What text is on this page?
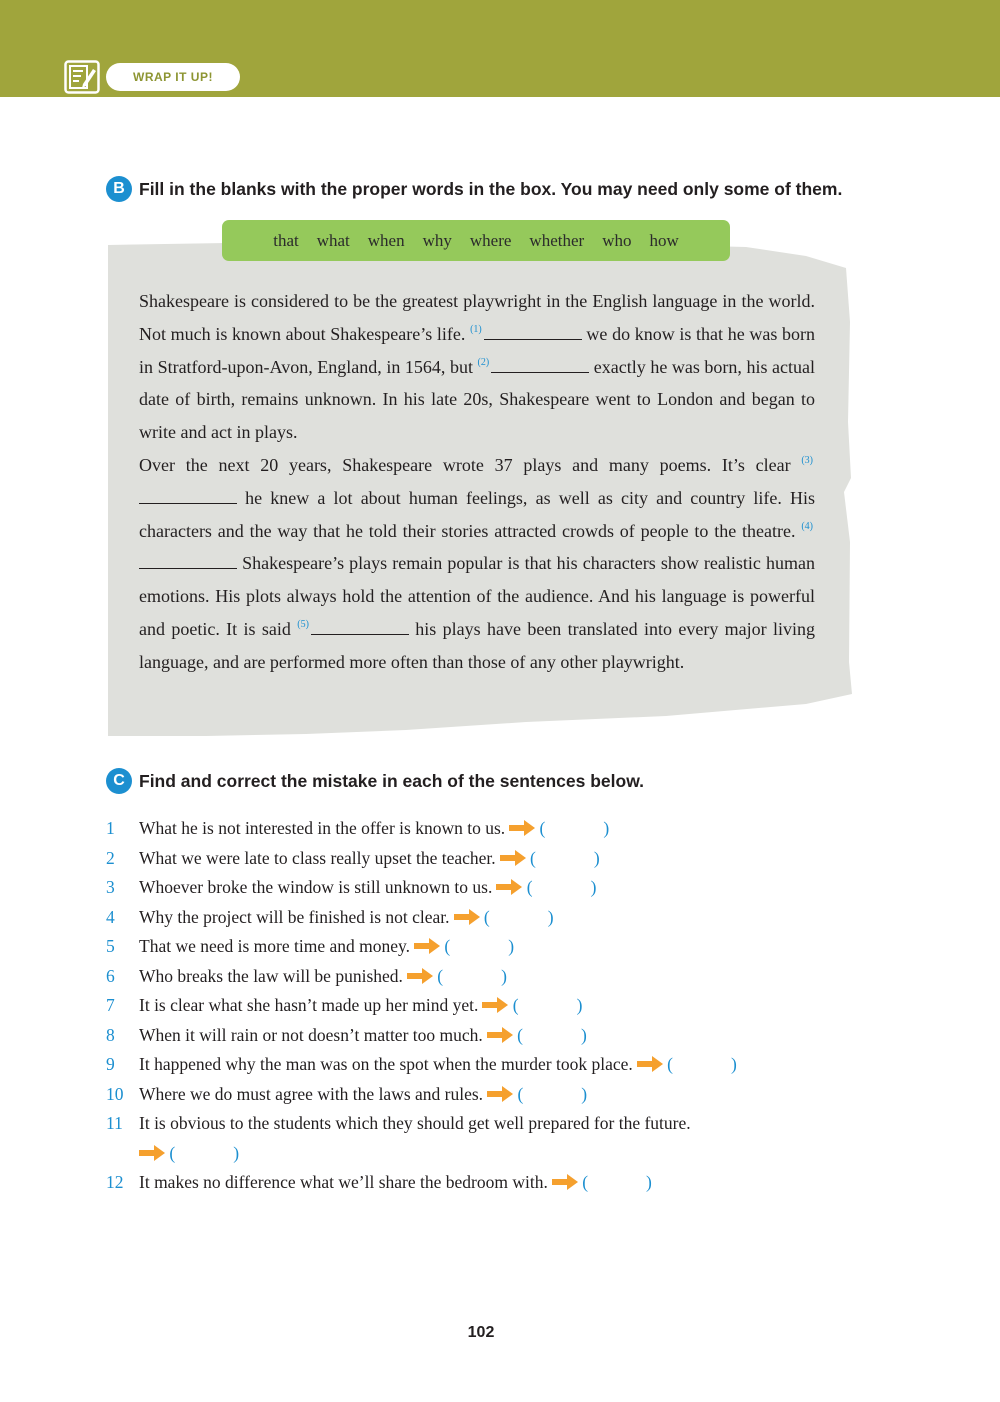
WRAP IT UP!
B Fill in the blanks with the proper words in the box. You may need only some of them.
that what when why where whether who how

Shakespeare is considered to be the greatest playwright in the English language in the world. Not much is known about Shakespeare’s life. $^{(1)}$	we do know is that he was born in Stratford-upon-Avon, England, in 1564, but $^{(2)}$	exactly he was born, his actual date of birth, remains unknown. In his late 20s, Shakespeare went to London and began to write and act in plays.

Over the next 20 years, Shakespeare wrote 37 plays and many poems. It’s clear $^{(3)}$ he knew a lot about human feelings, as well as city and country life. His characters and the way that he told their stories attracted crowds of people to the theatre. $^{(4)}$ Shakespeare’s plays remain popular is that his characters show realistic human emotions. His plots always hold the attention of the audience. And his language is powerful and poetic. It is said $^{(5)}$	his plays have been translated into every major living language, and are performed more often than those of any other playwright.

C Find and correct the mistake in each of the sentences below.
1	What he is not interested in the offer is known to us. (	)
2	What we were late to class really upset the teacher. (	)
3	Whoever broke the window is still unknown to us. (	)
4	Why the project will be finished is not clear. (	)
5	That we need is more time and money. (	)
6	Who breaks the law will be punished. (	)
7	It is clear what she hasn’t made up her mind yet. (	)
8	When it will rain or not doesn’t matter too much. (	)
9	It happened why the man was on the spot when the murder took place. (	)
10 Where we do must agree with the laws and rules. (	)
11 It is obvious to the students which they should get well prepared for the future.
(	)
12 It makes no difference what we’ll share the bedroom with. (	)
102
